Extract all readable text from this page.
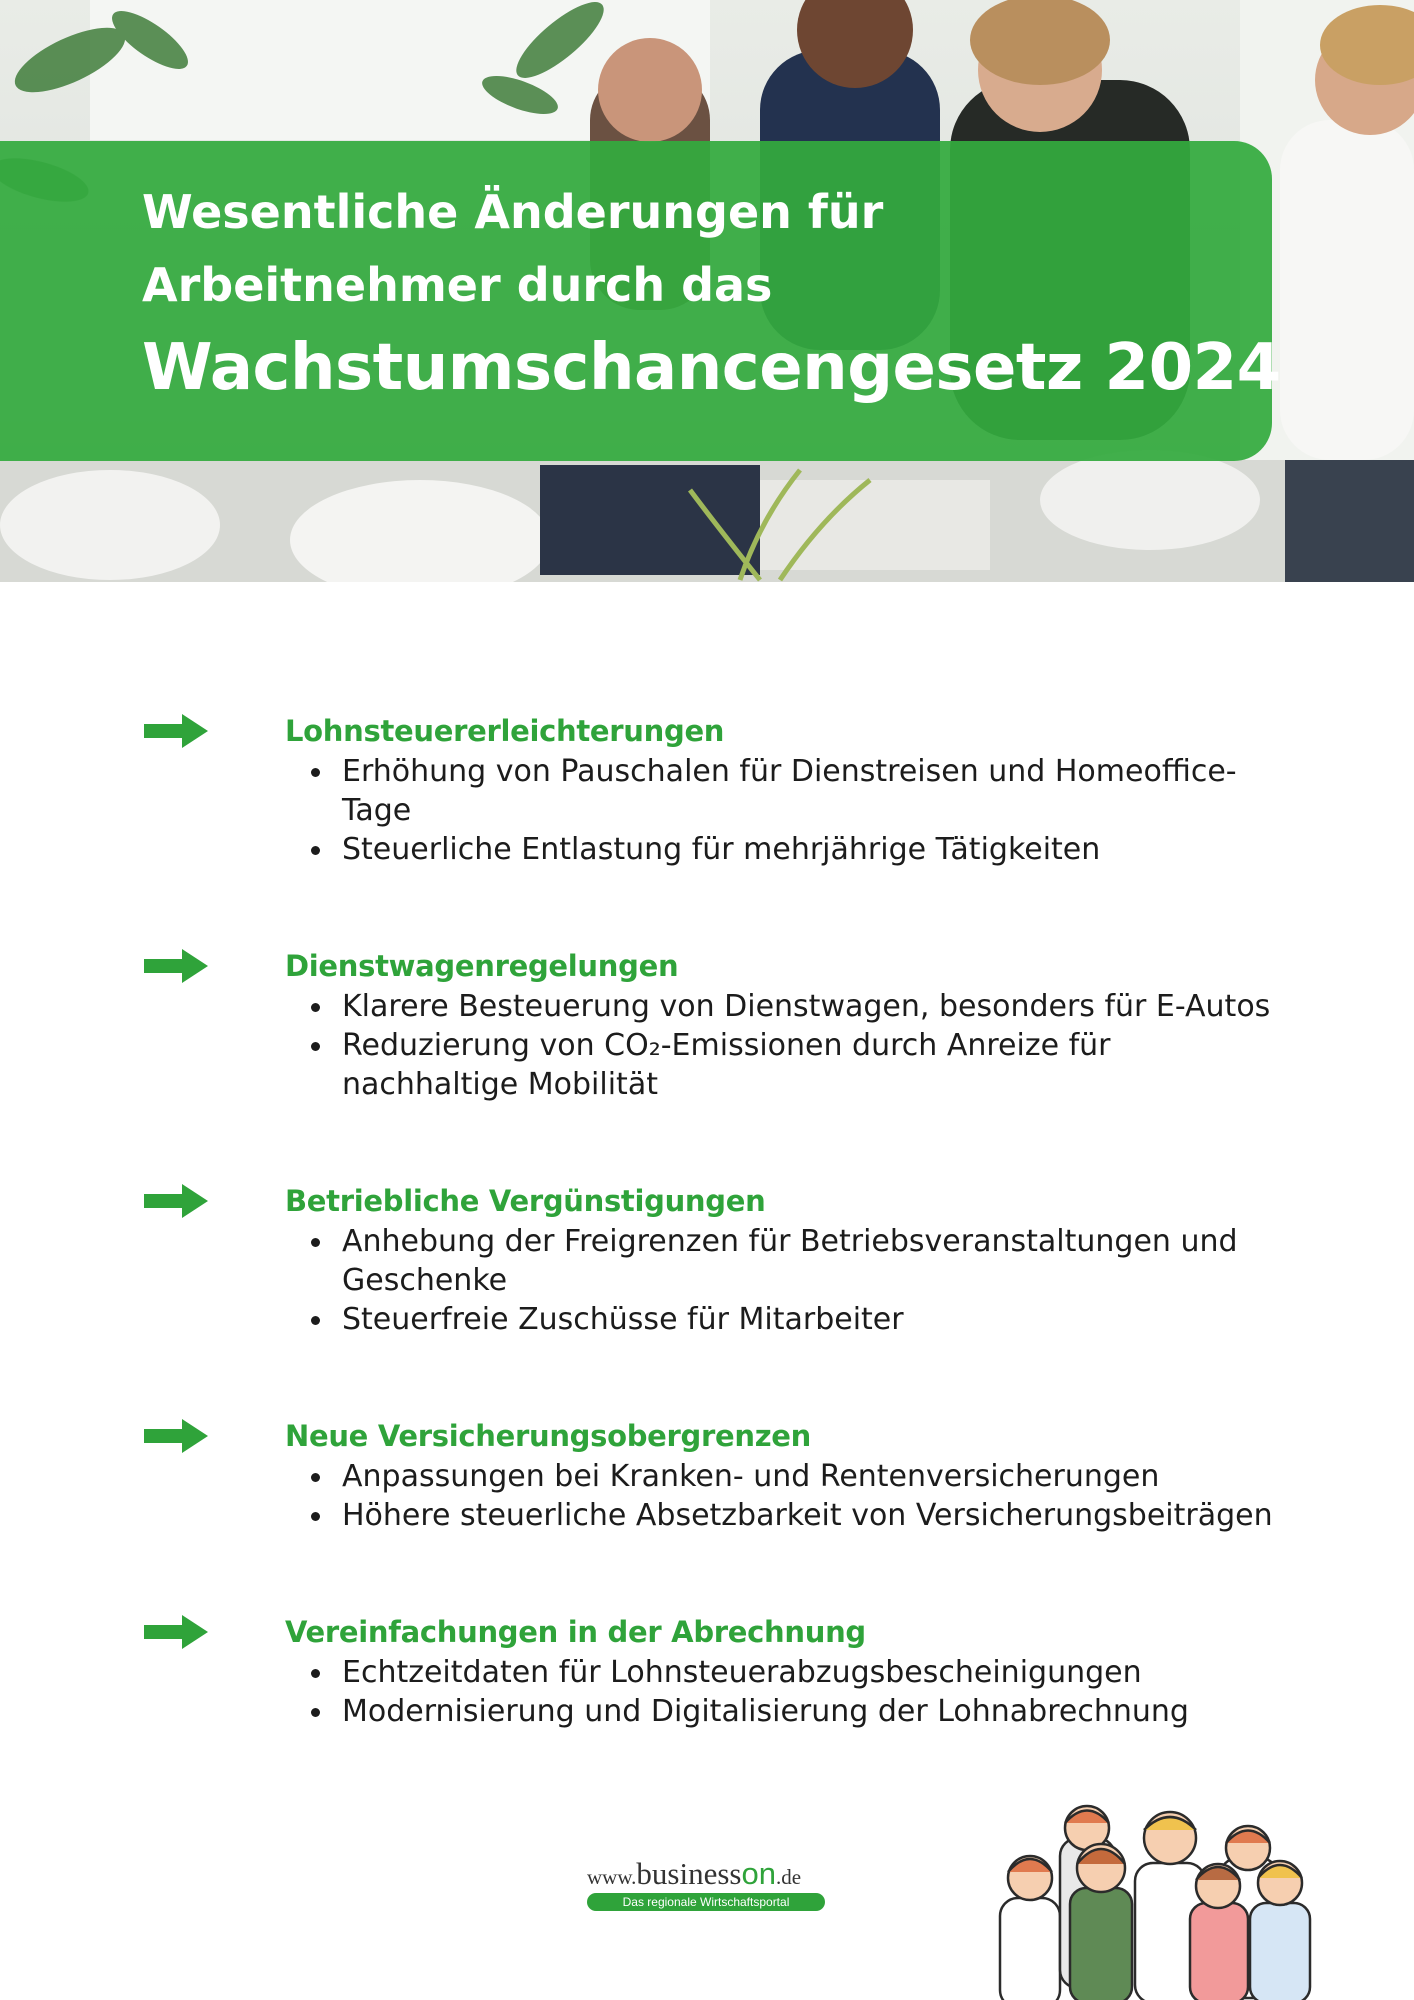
Wesentliche Änderungen für
Arbeitnehmer durch das
Wachstumschancengesetz 2024
Lohnsteuererleichterungen
Erhöhung von Pauschalen für Dienstreisen und Homeoffice-Tage
Steuerliche Entlastung für mehrjährige Tätigkeiten
Dienstwagenregelungen
Klarere Besteuerung von Dienstwagen, besonders für E-Autos
Reduzierung von CO₂-Emissionen durch Anreize für nachhaltige Mobilität
Betriebliche Vergünstigungen
Anhebung der Freigrenzen für Betriebsveranstaltungen und Geschenke
Steuerfreie Zuschüsse für Mitarbeiter
Neue Versicherungsobergrenzen
Anpassungen bei Kranken- und Rentenversicherungen
Höhere steuerliche Absetzbarkeit von Versicherungsbeiträgen
Vereinfachungen in der Abrechnung
Echtzeitdaten für Lohnsteuerabzugsbescheinigungen
Modernisierung und Digitalisierung der Lohnabrechnung
www.businesson.de
Das regionale Wirtschaftsportal
